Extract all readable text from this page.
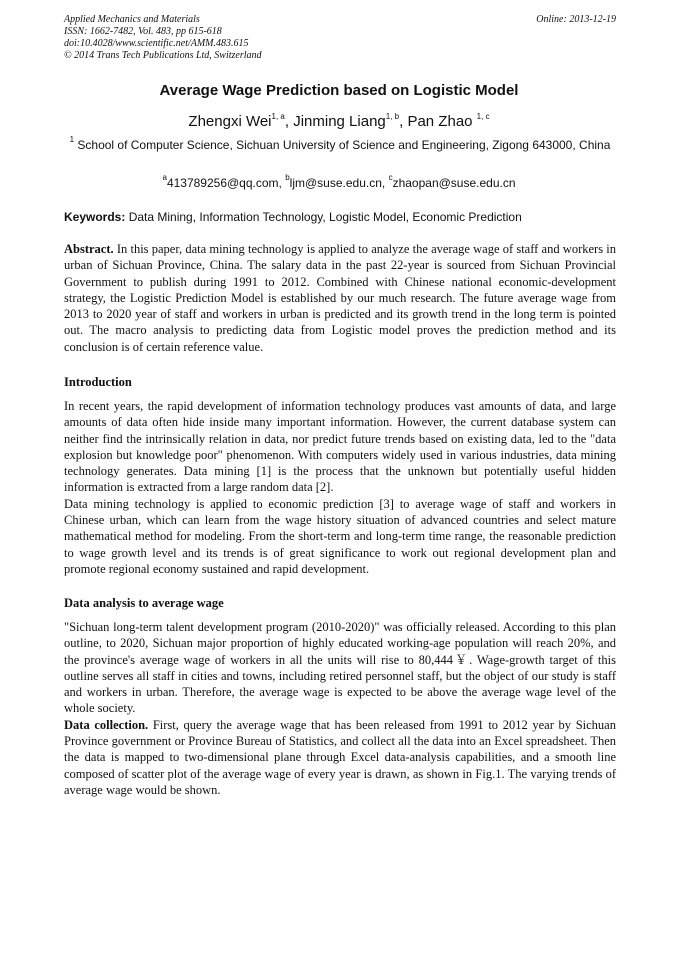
Applied Mechanics and Materials
ISSN: 1662-7482, Vol. 483, pp 615-618
doi:10.4028/www.scientific.net/AMM.483.615
© 2014 Trans Tech Publications Ltd, Switzerland
Online: 2013-12-19
Average Wage Prediction based on Logistic Model
Zhengxi Wei$^{1, a}$, Jinming Liang$^{1, b}$, Pan Zhao $^{1, c}$
$^1$ School of Computer Science, Sichuan University of Science and Engineering, Zigong 643000, China
$^a$413789256@qq.com, $^b$ljm@suse.edu.cn, $^c$zhaopan@suse.edu.cn
Keywords: Data Mining, Information Technology, Logistic Model, Economic Prediction

Abstract. In this paper, data mining technology is applied to analyze the average wage of staff and workers in urban of Sichuan Province, China. The salary data in the past 22-year is sourced from Sichuan Provincial Government to publish during 1991 to 2012. Combined with Chinese national economic-development strategy, the Logistic Prediction Model is established by our much research. The future average wage from 2013 to 2020 year of staff and workers in urban is predicted and its growth trend in the long term is pointed out. The macro analysis to predicting data from Logistic model proves the prediction method and its conclusion is of certain reference value.

Introduction

In recent years, the rapid development of information technology produces vast amounts of data, and large amounts of data often hide inside many important information. However, the current database system can neither find the intrinsically relation in data, nor predict future trends based on existing data, led to the "data explosion but knowledge poor" phenomenon. With computers widely used in various industries, data mining technology generates. Data mining [1] is the process that the unknown but potentially useful hidden information is extracted from a large random data [2].

Data mining technology is applied to economic prediction [3] to average wage of staff and workers in Chinese urban, which can learn from the wage history situation of advanced countries and select mature mathematical method for modeling. From the short-term and long-term time range, the reasonable prediction to wage growth level and its trends is of great significance to work out regional development plan and promote regional economy sustained and rapid development.

Data analysis to average wage

"Sichuan long-term talent development program (2010-2020)" was officially released. According to this plan outline, to 2020, Sichuan major proportion of highly educated working-age population will reach 20%, and the province's average wage of workers in all the units will rise to 80,444￥. Wage-growth target of this outline serves all staff in cities and towns, including retired personnel staff, but the object of our study is staff and workers in urban. Therefore, the average wage is expected to be above the average wage level of the whole society.

Data collection. First, query the average wage that has been released from 1991 to 2012 year by Sichuan Province government or Province Bureau of Statistics, and collect all the data into an Excel spreadsheet. Then the data is mapped to two-dimensional plane through Excel data-analysis capabilities, and a smooth line composed of scatter plot of the average wage of every year is drawn, as shown in Fig.1. The varying trends of average wage would be shown.
